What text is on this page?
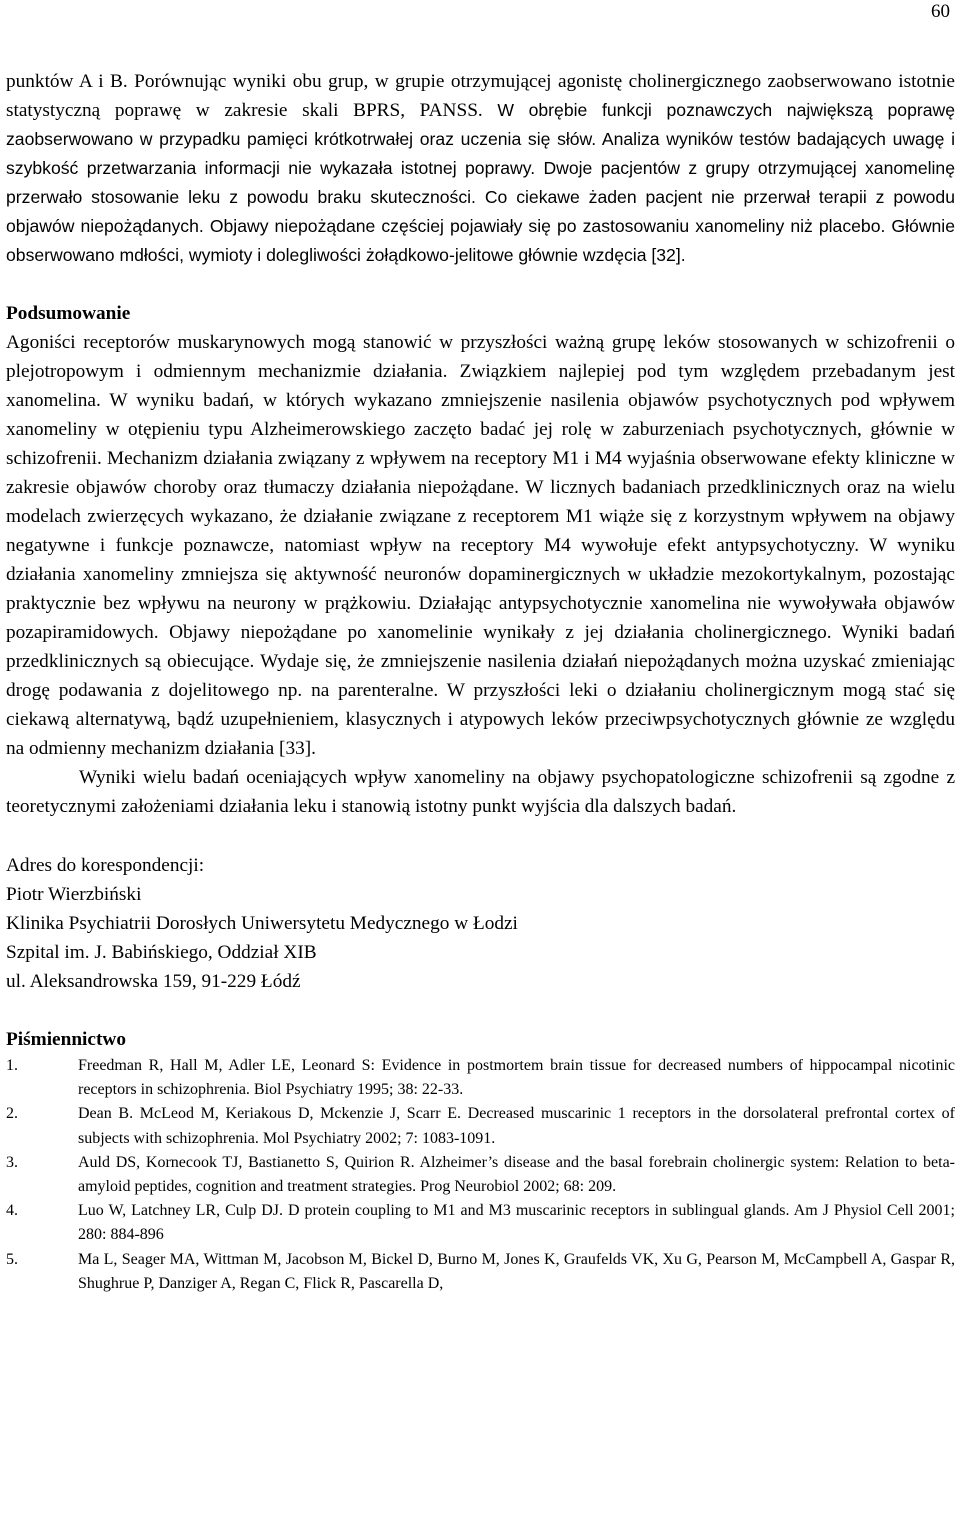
60

punktów A i B. Porównując wyniki obu grup, w grupie otrzymującej agonistę cholinergicznego zaobserwowano istotnie statystyczną poprawę w zakresie skali BPRS, PANSS. W obrębie funkcji poznawczych największą poprawę zaobserwowano w przypadku pamięci krótkotrwałej oraz uczenia się słów. Analiza wyników testów badających uwagę i szybkość przetwarzania informacji nie wykazała istotnej poprawy. Dwoje pacjentów z grupy otrzymującej xanomelinę przerwało stosowanie leku z powodu braku skuteczności. Co ciekawe żaden pacjent nie przerwał terapii z powodu objawów niepożądanych. Objawy niepożądane częściej pojawiały się po zastosowaniu xanomeliny niż placebo. Głównie obserwowano mdłości, wymioty i dolegliwości żołądkowo-jelitowe głównie wzdęcia [32].

Podsumowanie

Agoniści receptorów muskarynowych mogą stanowić w przyszłości ważną grupę leków stosowanych w schizofrenii o plejotropowym i odmiennym mechanizmie działania. Związkiem najlepiej pod tym względem przebadanym jest xanomelina. W wyniku badań, w których wykazano zmniejszenie nasilenia objawów psychotycznych pod wpływem xanomeliny w otępieniu typu Alzheimerowskiego zaczęto badać jej rolę w zaburzeniach psychotycznych, głównie w schizofrenii. Mechanizm działania związany z wpływem na receptory M1 i M4 wyjaśnia obserwowane efekty kliniczne w zakresie objawów choroby oraz tłumaczy działania niepożądane. W licznych badaniach przedklinicznych oraz na wielu modelach zwierzęcych wykazano, że działanie związane z receptorem M1 wiąże się z korzystnym wpływem na objawy negatywne i funkcje poznawcze, natomiast wpływ na receptory M4 wywołuje efekt antypsychotyczny. W wyniku działania xanomeliny zmniejsza się aktywność neuronów dopaminergicznych w układzie mezokortykalnym, pozostając praktycznie bez wpływu na neurony w prążkowiu. Działając antypsychotycznie xanomelina nie wywoływała objawów pozapiramidowych. Objawy niepożądane po xanomelinie wynikały z jej działania cholinergicznego. Wyniki badań przedklinicznych są obiecujące. Wydaje się, że zmniejszenie nasilenia działań niepożądanych można uzyskać zmieniając drogę podawania z dojelitowego np. na parenteralne. W przyszłości leki o działaniu cholinergicznym mogą stać się ciekawą alternatywą, bądź uzupełnieniem, klasycznych i atypowych leków przeciwpsychotycznych głównie ze względu na odmienny mechanizm działania [33].

Wyniki wielu badań oceniających wpływ xanomeliny na objawy psychopatologiczne schizofrenii są zgodne z teoretycznymi założeniami działania leku i stanowią istotny punkt wyjścia dla dalszych badań.

Adres do korespondencji:

Piotr Wierzbiński

Klinika Psychiatrii Dorosłych Uniwersytetu Medycznego w Łodzi

Szpital im. J. Babińskiego, Oddział XIB

ul. Aleksandrowska 159, 91-229 Łódź

Piśmiennictwo
1.	Freedman R, Hall M, Adler LE, Leonard S: Evidence in postmortem brain tissue for decreased numbers of hippocampal nicotinic receptors in schizophrenia. Biol Psychiatry 1995; 38: 22-33.
2.	Dean B. McLeod M, Keriakous D, Mckenzie J, Scarr E. Decreased muscarinic 1 receptors in the dorsolateral prefrontal cortex of subjects with schizophrenia. Mol Psychiatry 2002; 7: 1083-1091.
3.	Auld DS, Kornecook TJ, Bastianetto S, Quirion R. Alzheimer’s disease and the basal forebrain cholinergic system: Relation to beta-amyloid peptides, cognition and treatment strategies. Prog Neurobiol 2002; 68: 209.
4.	Luo W, Latchney LR, Culp DJ. D protein coupling to M1 and M3 muscarinic receptors in sublingual glands. Am J Physiol Cell 2001; 280: 884-896
5.	Ma L, Seager MA, Wittman M, Jacobson M, Bickel D, Burno M, Jones K, Graufelds VK, Xu G, Pearson M, McCampbell A, Gaspar R, Shughrue P, Danziger A, Regan C, Flick R, Pascarella D,
